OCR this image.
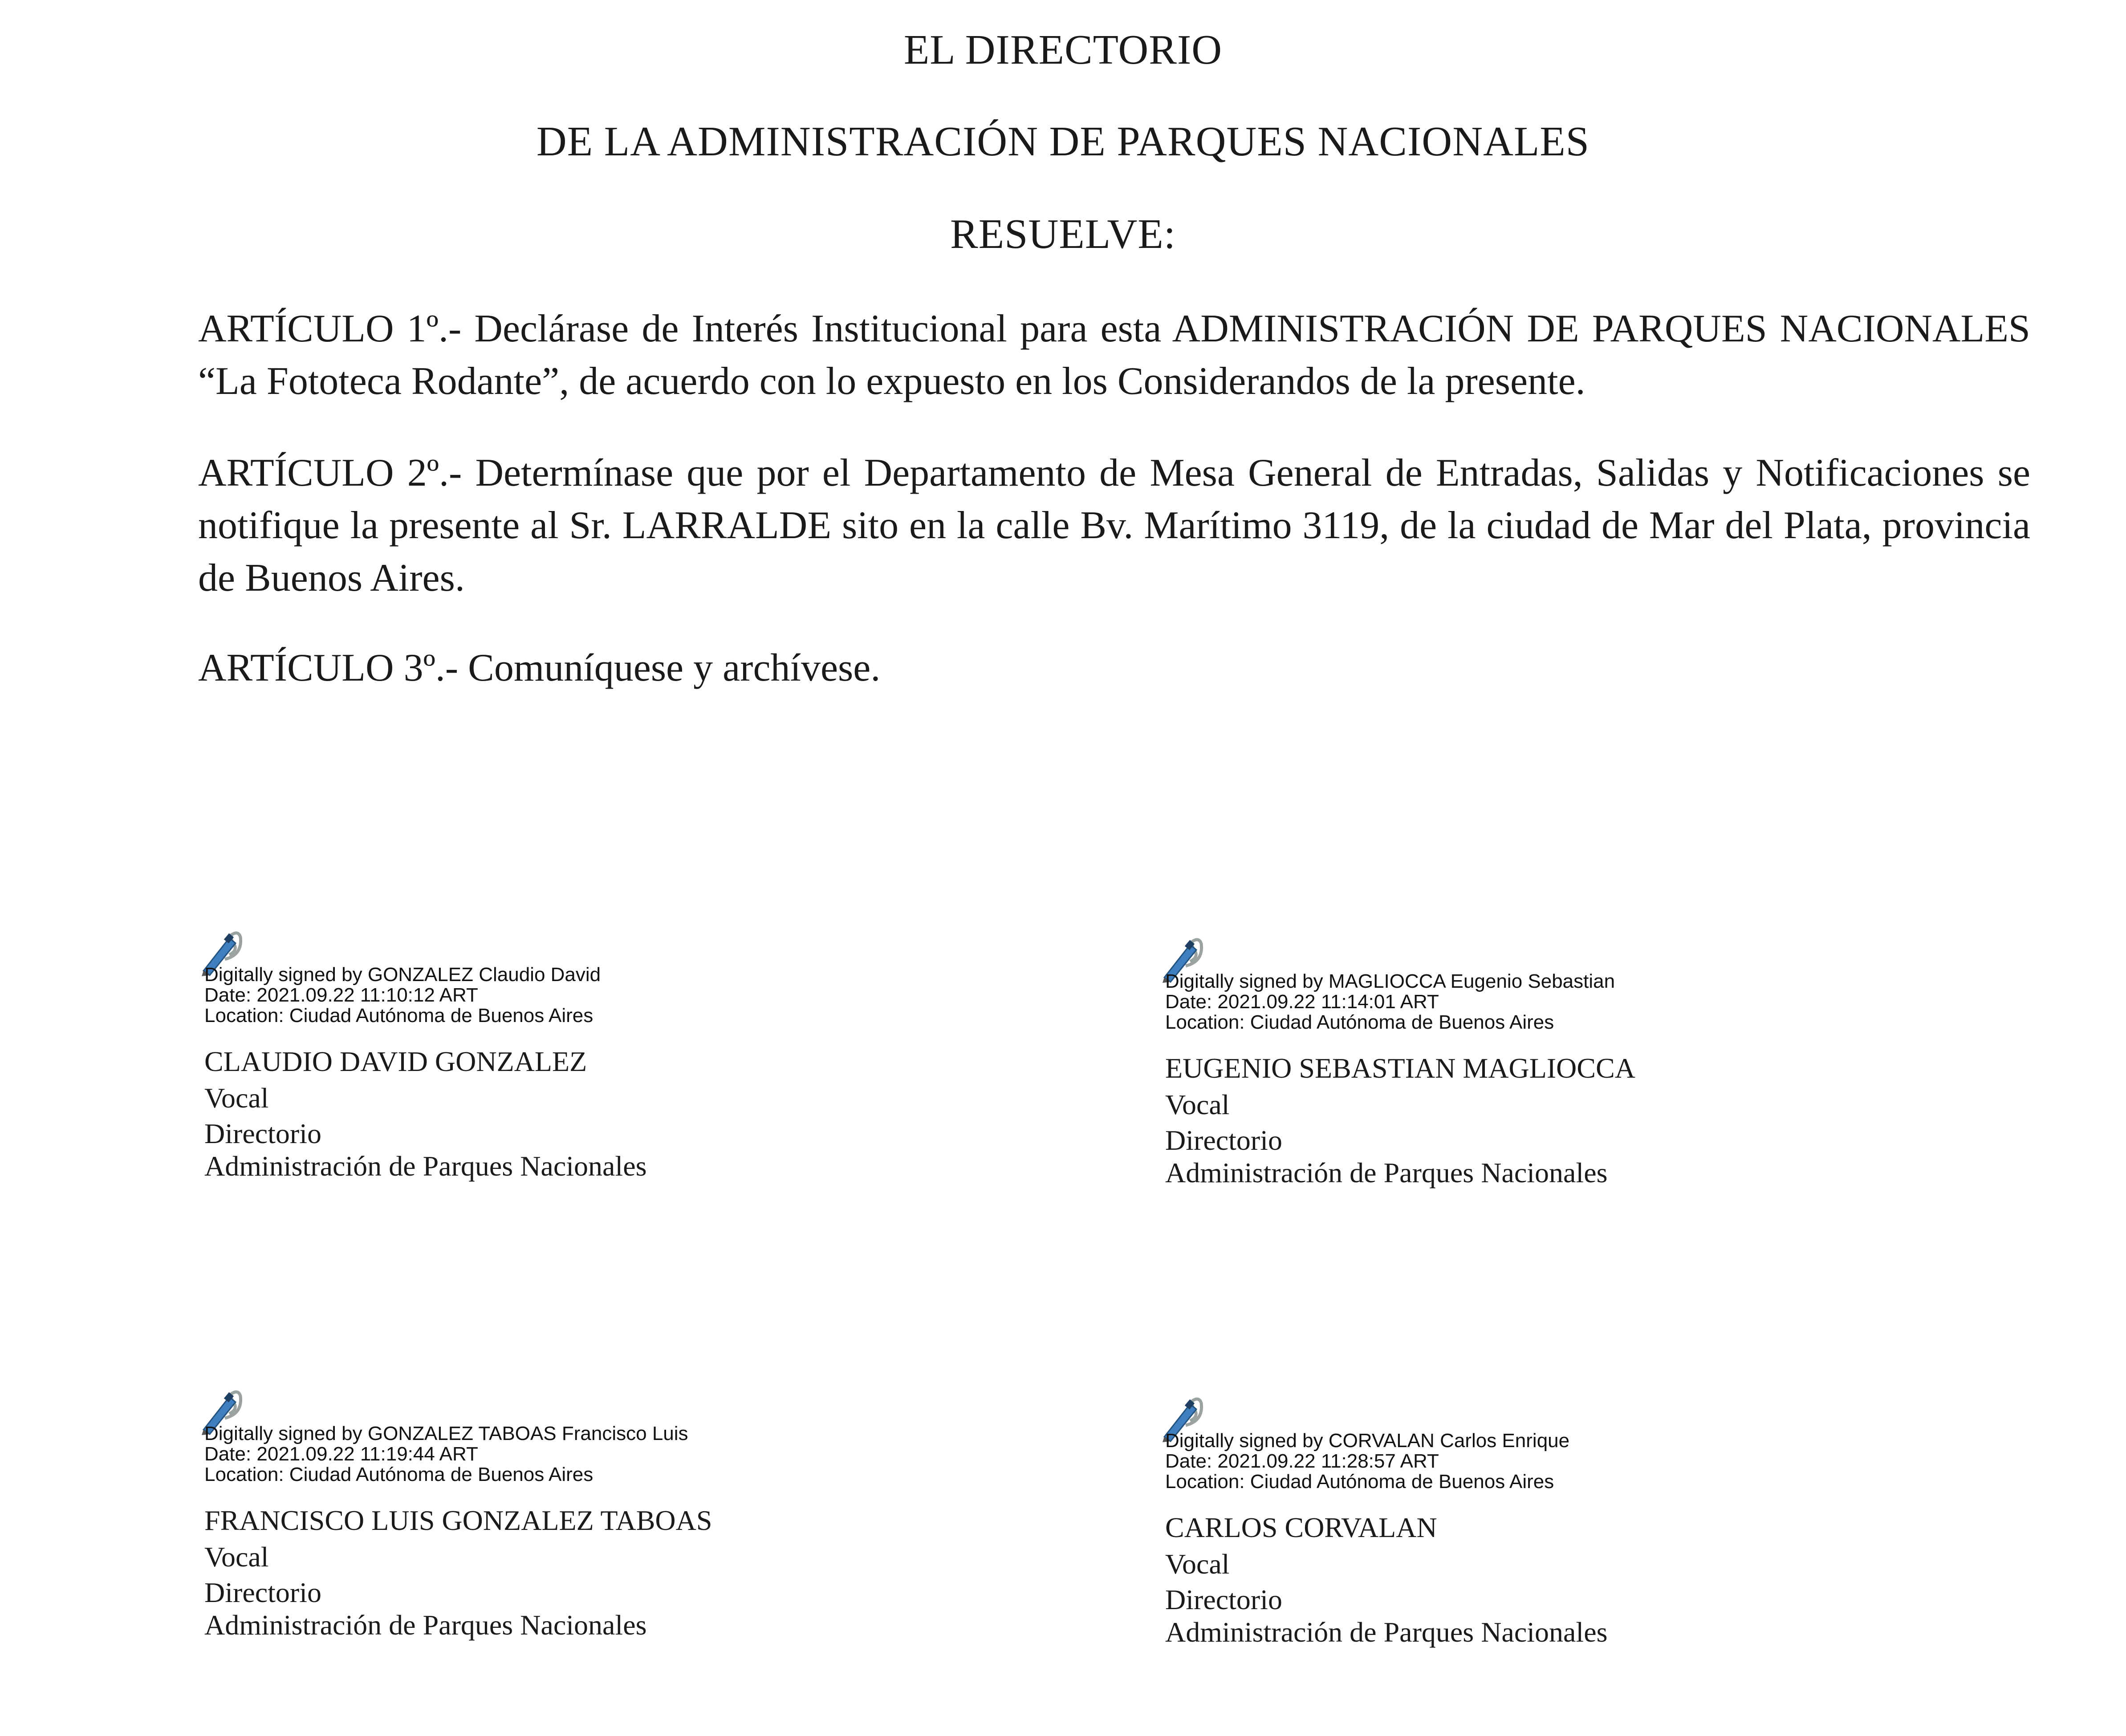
EL DIRECTORIO
DE LA ADMINISTRACIÓN DE PARQUES NACIONALES
RESUELVE:
ARTÍCULO 1º.- Declárase de Interés Institucional para esta ADMINISTRACIÓN DE PARQUES NACIONALES “La Fototeca Rodante”, de acuerdo con lo expuesto en los Considerandos de la presente.
ARTÍCULO 2º.- Determínase que por el Departamento de Mesa General de Entradas, Salidas y Notificaciones se notifique la presente al Sr. LARRALDE sito en la calle Bv. Marítimo 3119, de la ciudad de Mar del Plata, provincia de Buenos Aires.
ARTÍCULO 3º.- Comuníquese y archívese.
Digitally signed by GONZALEZ Claudio David
Date: 2021.09.22 11:10:12 ART
Location: Ciudad Autónoma de Buenos Aires
CLAUDIO DAVID GONZALEZ
Vocal
Directorio
Administración de Parques Nacionales
Digitally signed by MAGLIOCCA Eugenio Sebastian
Date: 2021.09.22 11:14:01 ART
Location: Ciudad Autónoma de Buenos Aires
EUGENIO SEBASTIAN MAGLIOCCA
Vocal
Directorio
Administración de Parques Nacionales
Digitally signed by GONZALEZ TABOAS Francisco Luis
Date: 2021.09.22 11:19:44 ART
Location: Ciudad Autónoma de Buenos Aires
FRANCISCO LUIS GONZALEZ TABOAS
Vocal
Directorio
Administración de Parques Nacionales
Digitally signed by CORVALAN Carlos Enrique
Date: 2021.09.22 11:28:57 ART
Location: Ciudad Autónoma de Buenos Aires
CARLOS CORVALAN
Vocal
Directorio
Administración de Parques Nacionales
